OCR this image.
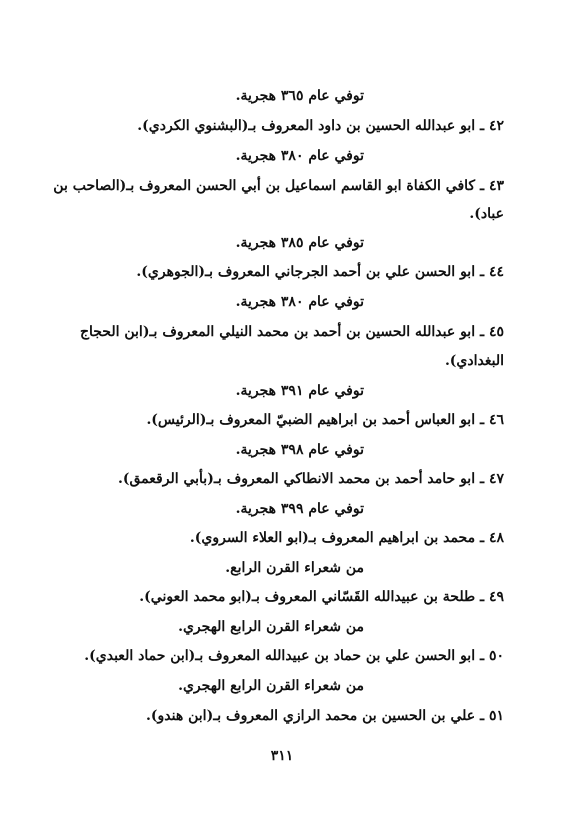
توفي عام ٣٦٥ هجرية.
٤٢ ـ ابو عبدالله الحسين بن داود المعروف بـ(البشنوي الكردي).
توفي عام ٣٨٠ هجرية.
٤٣ ـ كافي الكفاة ابو القاسم اسماعيل بن أبي الحسن المعروف بـ(الصاحب بن
عباد).
توفي عام ٣٨٥ هجرية.
٤٤ ـ ابو الحسن علي بن أحمد الجرجاني المعروف بـ(الجوهري).
توفي عام ٣٨٠ هجرية.
٤٥ ـ ابو عبدالله الحسين بن أحمد بن محمد النيلي المعروف بـ(ابن الحجاج
البغدادي).
توفي عام ٣٩١ هجرية.
٤٦ ـ ابو العباس أحمد بن ابراهيم الضبيّ المعروف بـ(الرئيس).
توفي عام ٣٩٨ هجرية.
٤٧ ـ ابو حامد أحمد بن محمد الانطاكي المعروف بـ(بأبي الرقعمق).
توفي عام ٣٩٩ هجرية.
٤٨ ـ محمد بن ابراهيم المعروف بـ(ابو العلاء السروي).
من شعراء القرن الرابع.
٤٩ ـ طلحة بن عبيدالله القَسّاني المعروف بـ(ابو محمد العوني).
من شعراء القرن الرابع الهجري.
٥٠ ـ ابو الحسن علي بن حماد بن عبيدالله المعروف بـ(ابن حماد العبدي).
من شعراء القرن الرابع الهجري.
٥١ ـ علي بن الحسين بن محمد الرازي المعروف بـ(ابن هندو).
٣١١
